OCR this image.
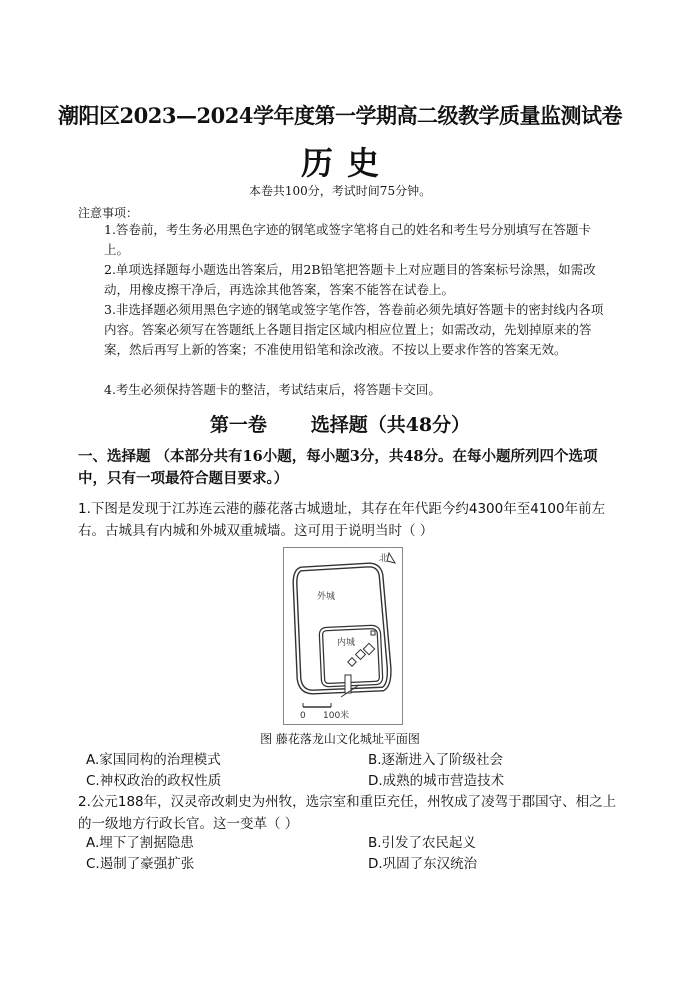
潮阳区2023—2024学年度第一学期高二级教学质量监测试卷
历史
本卷共100分，考试时间75分钟。
注意事项：
1.答卷前，考生务必用黑色字迹的钢笔或签字笔将自己的姓名和考生号分别填写在答题卡上。
2.单项选择题每小题选出答案后，用2B铅笔把答题卡上对应题目的答案标号涂黑，如需改动，用橡皮擦干净后，再选涂其他答案，答案不能答在试卷上。
3.非选择题必须用黑色字迹的钢笔或签字笔作答，答卷前必须先填好答题卡的密封线内各项内容。答案必须写在答题纸上各题目指定区域内相应位置上；如需改动，先划掉原来的答案，然后再写上新的答案；不准使用铅笔和涂改液。不按以上要求作答的答案无效。
4.考生必须保持答题卡的整洁，考试结束后，将答题卡交回。
第一卷   选择题（共48分）
一、选择题 （本部分共有16小题，每小题3分，共48分。在每小题所列四个选项中，只有一项最符合题目要求。）
1.下图是发现于江苏连云港的藤花落古城遗址，其存在年代距今约4300年至4100年前左右。古城具有内城和外城双重城墙。这可用于说明当时（ ）
外城
内城
北
0 100米
图 藤花落龙山文化城址平面图
A.家国同构的治理模式	B.逐渐进入了阶级社会
C.神权政治的政权性质	D.成熟的城市营造技术
2.公元188年，汉灵帝改刺史为州牧，选宗室和重臣充任，州牧成了凌驾于郡国守、相之上的一级地方行政长官。这一变革（ ）
A.埋下了割据隐患	B.引发了农民起义
C.遏制了豪强扩张	D.巩固了东汉统治
